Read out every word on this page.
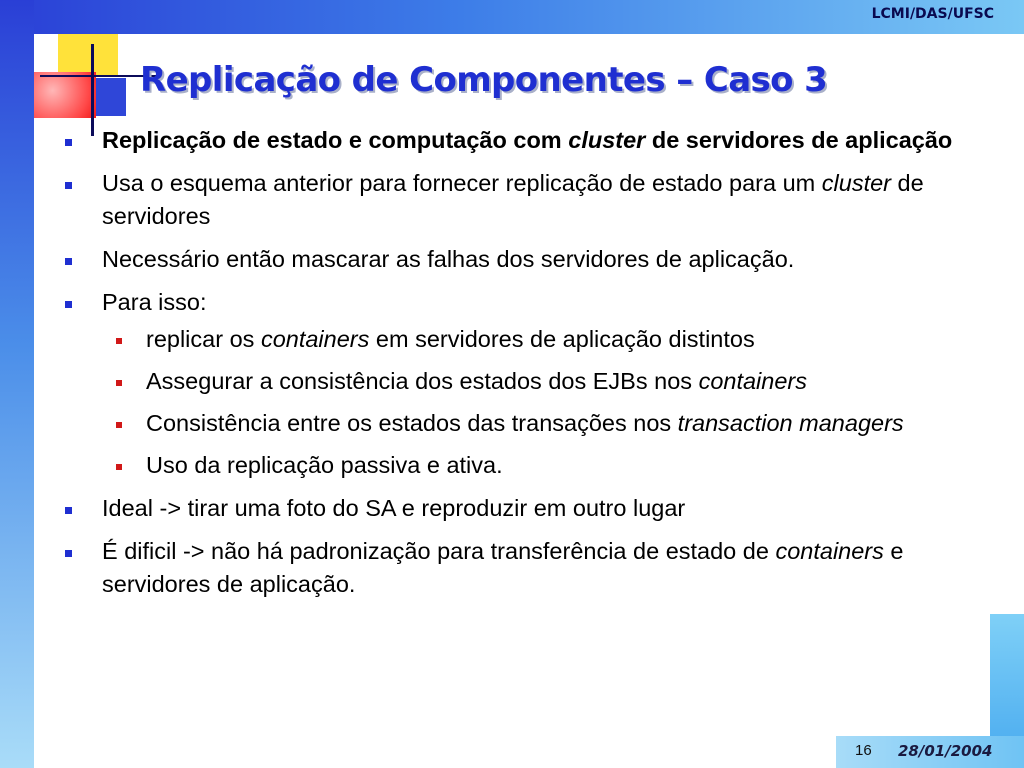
LCMI/DAS/UFSC
Replicação de Componentes – Caso 3
Replicação de estado e computação com cluster de servidores de aplicação
Usa o esquema anterior para fornecer replicação de estado para um cluster de servidores
Necessário então mascarar as falhas dos servidores de aplicação.
Para isso:
replicar os containers em servidores de aplicação distintos
Assegurar a consistência dos estados dos EJBs nos containers
Consistência entre os estados das transações nos transaction managers
Uso da replicação passiva e ativa.
Ideal -> tirar uma foto do SA e reproduzir em outro lugar
É dificil -> não há padronização para transferência de estado de containers e servidores de aplicação.
16 28/01/2004
